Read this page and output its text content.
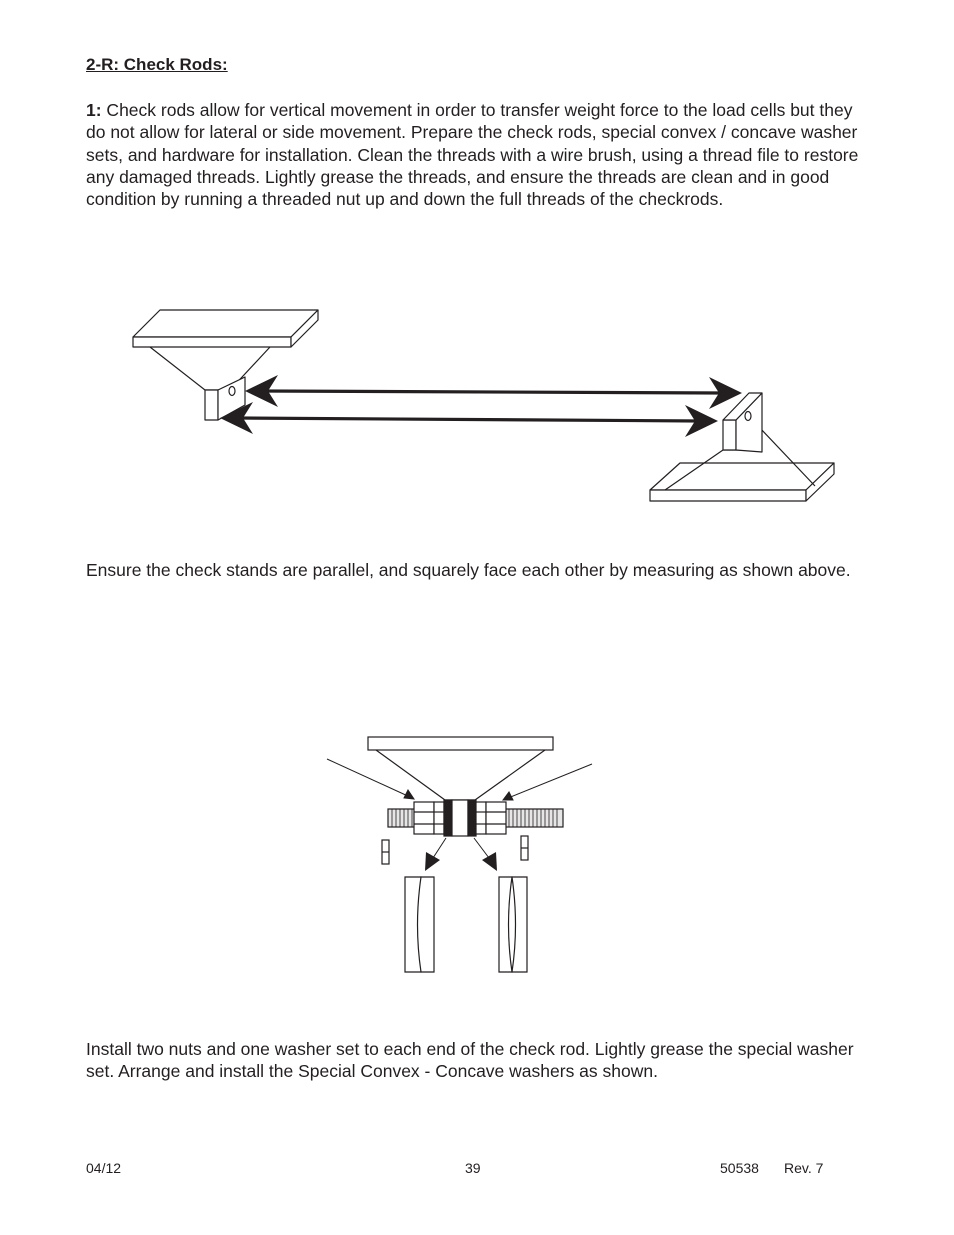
2-R: Check Rods:

1: Check rods allow for vertical movement in order to transfer weight force to the load cells but they do not allow for lateral or side movement. Prepare the check rods, special convex / concave washer sets, and hardware for installation. Clean the threads with a wire brush, using a thread file to restore any damaged threads. Lightly grease the threads, and ensure the threads are clean and in good condition by running a threaded nut up and down the full threads of the checkrods.

Ensure the check stands are parallel, and squarely face each other by measuring as shown above.

Install two nuts and one washer set to each end of the check rod. Lightly grease the special washer set. Arrange and install the Special Convex - Concave washers as shown.

04/12	39	50538 Rev. 7
